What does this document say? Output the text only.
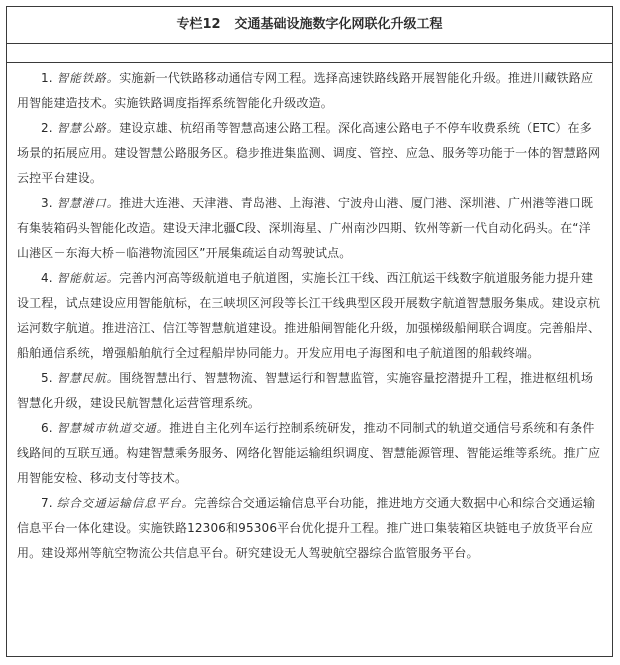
专栏12 交通基础设施数字化网联化升级工程

1. 智能铁路。实施新一代铁路移动通信专网工程。选择高速铁路线路开展智能化升级。推进川藏铁路应用智能建造技术。实施铁路调度指挥系统智能化升级改造。

2. 智慧公路。建设京雄、杭绍甬等智慧高速公路工程。深化高速公路电子不停车收费系统（ETC）在多场景的拓展应用。建设智慧公路服务区。稳步推进集监测、调度、管控、应急、服务等功能于一体的智慧路网云控平台建设。

3. 智慧港口。推进大连港、天津港、青岛港、上海港、宁波舟山港、厦门港、深圳港、广州港等港口既有集装箱码头智能化改造。建设天津北疆C段、深圳海星、广州南沙四期、钦州等新一代自动化码头。在“洋山港区－东海大桥－临港物流园区”开展集疏运自动驾驶试点。

4. 智能航运。完善内河高等级航道电子航道图，实施长江干线、西江航运干线数字航道服务能力提升建设工程，试点建设应用智能航标，在三峡坝区河段等长江干线典型区段开展数字航道智慧服务集成。建设京杭运河数字航道。推进涪江、信江等智慧航道建设。推进船闸智能化升级，加强梯级船闸联合调度。完善船岸、船舶通信系统，增强船舶航行全过程船岸协同能力。开发应用电子海图和电子航道图的船载终端。

5. 智慧民航。围绕智慧出行、智慧物流、智慧运行和智慧监管，实施容量挖潜提升工程，推进枢纽机场智慧化升级，建设民航智慧化运营管理系统。

6. 智慧城市轨道交通。推进自主化列车运行控制系统研发，推动不同制式的轨道交通信号系统和有条件线路间的互联互通。构建智慧乘务服务、网络化智能运输组织调度、智慧能源管理、智能运维等系统。推广应用智能安检、移动支付等技术。

7. 综合交通运输信息平台。完善综合交通运输信息平台功能，推进地方交通大数据中心和综合交通运输信息平台一体化建设。实施铁路12306和95306平台优化提升工程。推广进口集装箱区块链电子放货平台应用。建设郑州等航空物流公共信息平台。研究建设无人驾驶航空器综合监管服务平台。
